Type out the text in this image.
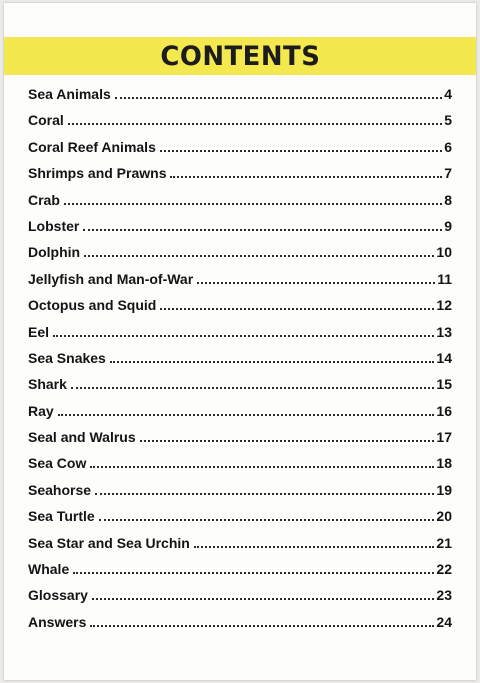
CONTENTS
Sea Animals	4
Coral	5
Coral Reef Animals	6
Shrimps and Prawns	7
Crab	8
Lobster	9
Dolphin	10
Jellyfish and Man-of-War	11
Octopus and Squid	12
Eel	13
Sea Snakes	14
Shark	15
Ray	16
Seal and Walrus	17
Sea Cow	18
Seahorse	19
Sea Turtle	20
Sea Star and Sea Urchin	21
Whale	22
Glossary	23
Answers	24
